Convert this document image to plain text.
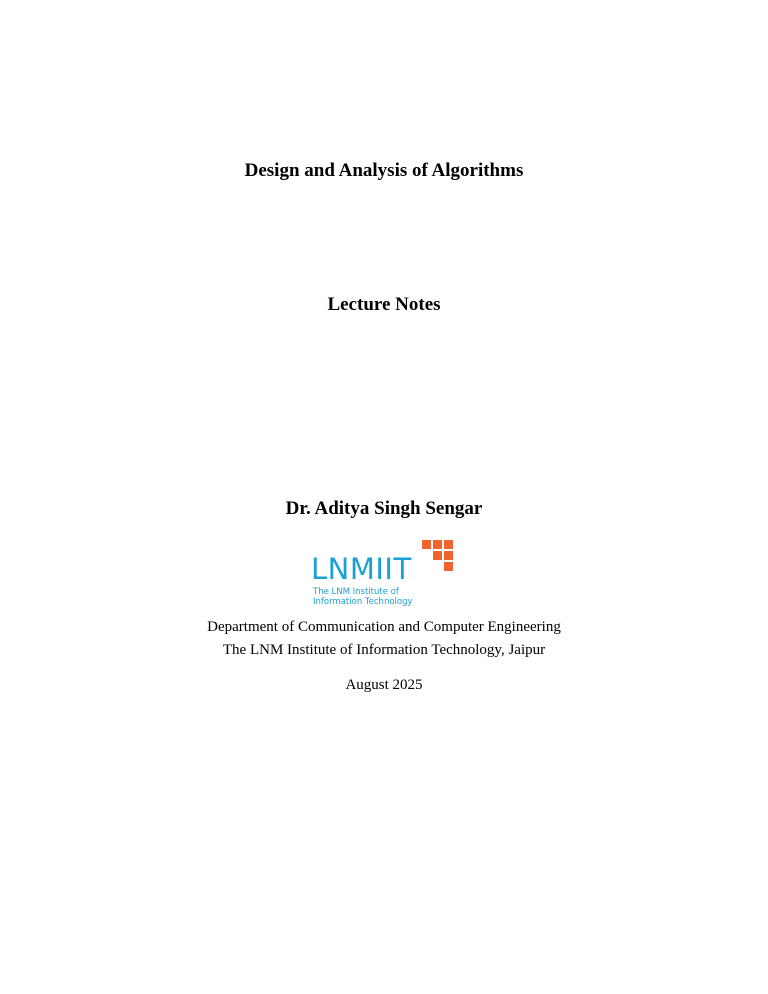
Design and Analysis of Algorithms
Lecture Notes
Dr. Aditya Singh Sengar
LNMIIT
The LNM Institute of
Information Technology
Department of Communication and Computer Engineering
The LNM Institute of Information Technology, Jaipur
August 2025
